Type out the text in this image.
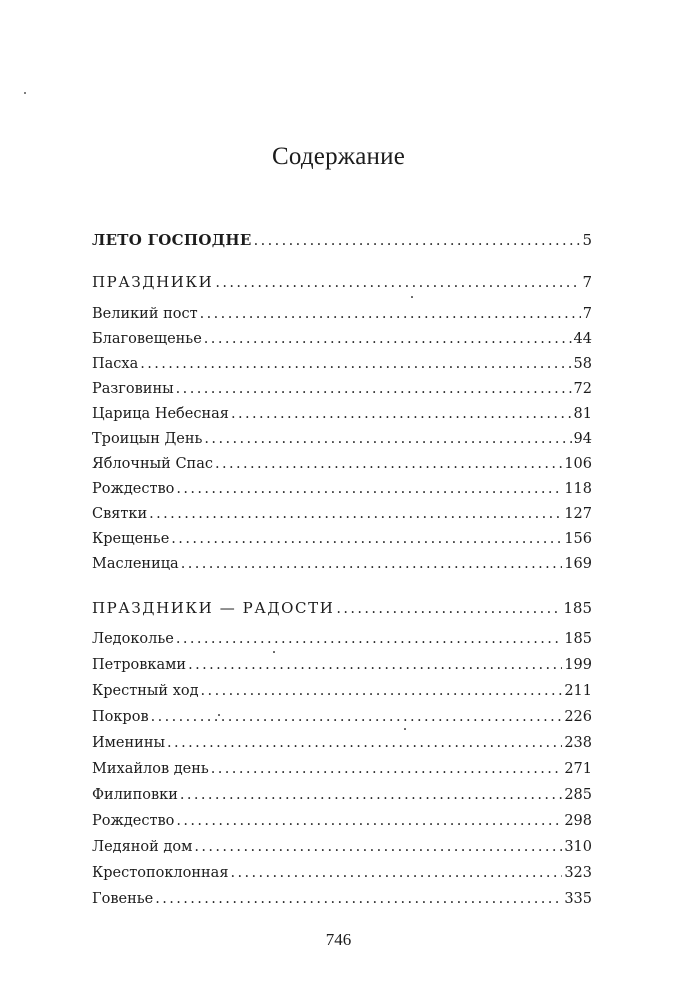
Содержание
ЛЕТО ГОСПОДНЕ .....	5
ПРАЗДНИКИ .....	7
Великий пост .....	7
Благовещенье .....	44
Пасха .....	58
Разговины .....	72
Царица Небесная .....	81
Троицын День .....	94
Яблочный Спас .....	106
Рождество .....	118
Святки .....	127
Крещенье .....	156
Масленица .....	169
ПРАЗДНИКИ — РАДОСТИ .....	185
Ледоколье .....	185
Петровками .....	199
Крестный ход .....	211
Покров .....	226
Именины .....	238
Михайлов день .....	271
Филиповки .....	285
Рождество .....	298
Ледяной дом .....	310
Крестопоклонная .....	323
Говенье .....	335
746
